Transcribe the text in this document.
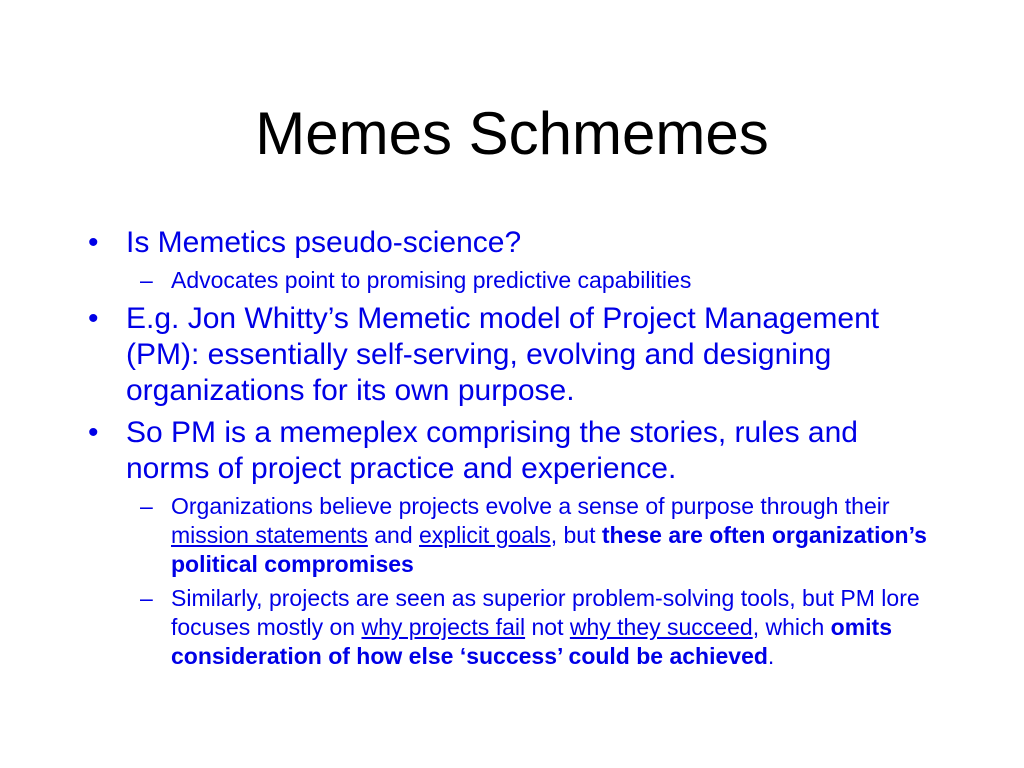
Memes Schmemes
• Is Memetics pseudo-science?
– Advocates point to promising predictive capabilities
• E.g. Jon Whitty’s Memetic model of Project Management (PM): essentially self-serving, evolving and designing organizations for its own purpose.
• So PM is a memeplex comprising the stories, rules and norms of project practice and experience.
– Organizations believe projects evolve a sense of purpose through their mission statements and explicit goals, but these are often organization’s political compromises
– Similarly, projects are seen as superior problem-solving tools, but PM lore focuses mostly on why projects fail not why they succeed, which omits consideration of how else ‘success’ could be achieved.
